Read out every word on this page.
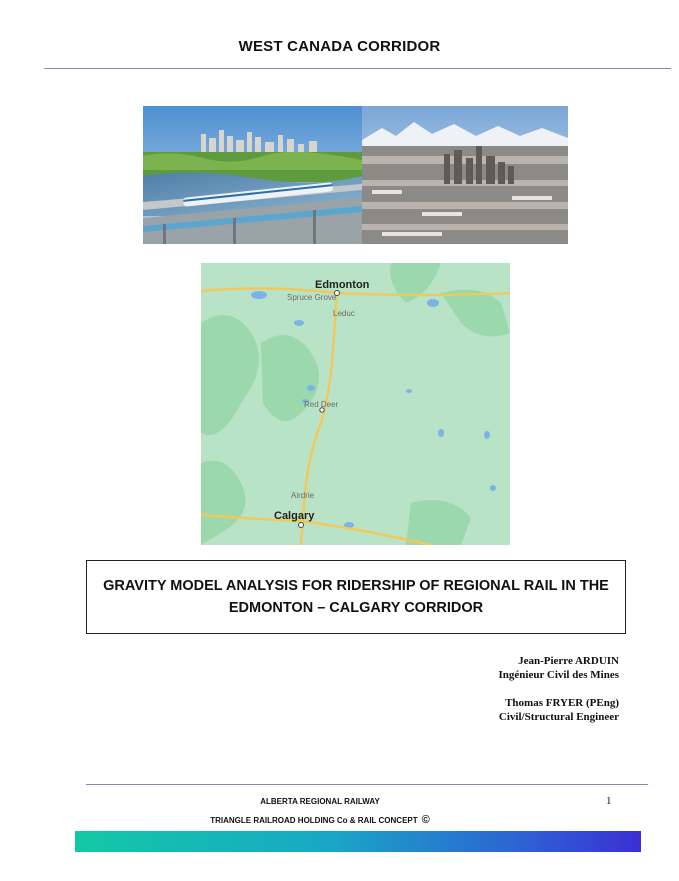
WEST CANADA CORRIDOR
Edmonton
Spruce Grove
Leduc
Red Deer
Airdrie
Calgary
GRAVITY MODEL ANALYSIS FOR RIDERSHIP OF REGIONAL RAIL IN THE
EDMONTON – CALGARY CORRIDOR
Jean-Pierre ARDUIN
Ingénieur Civil des Mines
Thomas FRYER (PEng)
Civil/Structural Engineer
ALBERTA REGIONAL RAILWAY
TRIANGLE RAILROAD HOLDING Co & RAIL CONCEPT ©
1
